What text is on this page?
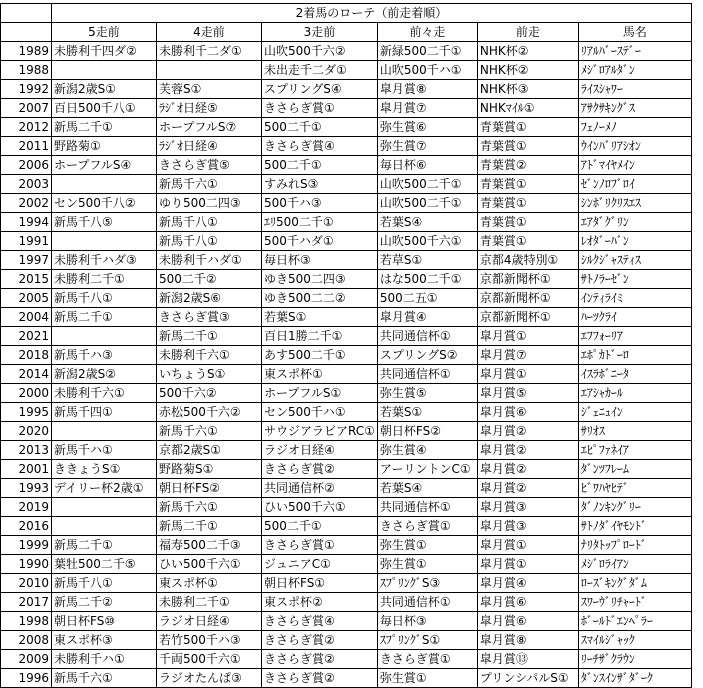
	2着馬のローテ（前走着順）					
	5走前	4走前	3走前	前々走	前走	馬名
1989	未勝利千四ダ②	未勝利千二ダ①	山吹500千六②	新緑500二千①	NHK杯②	ﾘｱﾙﾊﾞｰｽﾃﾞｰ
1988			未出走千二ダ①	山吹500千ハ①	NHK杯②	ﾒｼﾞﾛｱﾙﾀﾞﾝ
1992	新潟2歳S①	芙蓉S①	スプリングS④	皐月賞⑧	NHK杯③	ﾗｲｽｼｬﾜｰ
2007	百日500千八①	ﾗｼﾞｵ日経⑤	きさらぎ賞①	皐月賞⑦	NHKﾏｲﾙ①	ｱｻｸｻｷﾝｸﾞｽ
2012	新馬二千①	ホープフルS⑦	500二千①	弥生賞⑥	青葉賞①	ﾌｪﾉｰﾒﾉ
2011	野路菊①	ﾗｼﾞｵ日経④	きさらぎ賞④	弥生賞⑦	青葉賞①	ｳｲﾝﾊﾞﾘｱｼｵﾝ
2006	ホープフルS④	きさらぎ賞⑤	500二千①	毎日杯⑥	青葉賞②	ｱﾄﾞﾏｲﾔﾒｲﾝ
2003		新馬千六①	すみれS③	山吹500二千①	青葉賞①	ｾﾞﾝﾉﾛﾌﾞﾛｲ
2002	セン500千八②	ゆり500二四③	500千ハ③	山吹500二千①	青葉賞①	ｼﾝﾎﾞﾘｸﾘｽｴｽ
1994	新馬千八⑤	新馬千八①	ｴﾘ500二千①	若葉S④	青葉賞①	ｴｱﾀﾞｸﾞﾘﾝ
1991		新馬千八①	500千ハダ①	山吹500千六①	青葉賞①	ﾚｵﾀﾞｰﾊﾞﾝ
1997	未勝利千ハダ③	未勝利千ハダ①	毎日杯③	若草S①	京都4歳特別①	ｼﾙｸｼﾞｬｽﾃｨｽ
2015	未勝利二千①	500二千②	ゆき500二四③	はな500二千①	京都新聞杯①	ｻﾄﾉﾗｰｾﾞﾝ
2005	新馬千八①	新潟2歳S⑥	ゆき500二二②	500二五①	京都新聞杯①	ｲﾝﾃｨﾗｲﾐ
2004	新馬二千①	きさらぎ賞③	若葉S①	皐月賞④	京都新聞杯①	ﾊｰﾂｸﾗｲ
2021		新馬二千①	百日1勝二千①	共同通信杯①	皐月賞①	ｴﾌﾌｫｰﾘｱ
2018	新馬千ハ③	未勝利千六①	あす500二千①	スプリングS②	皐月賞⑦	ｴﾎﾟｶﾄﾞｰﾛ
2014	新潟2歳S②	いちょうS①	東スポ杯①	共同通信杯①	皐月賞①	ｲｽﾗﾎﾞﾆｰﾀ
2000	未勝利千六①	500千六②	ホープフルS①	弥生賞⑤	皐月賞⑤	ｴｱｼｬｶｰﾙ
1995	新馬千四①	赤松500千六②	セン500千ハ①	若葉S①	皐月賞⑥	ｼﾞｪﾆｭｲﾝ
2020		新馬千六①	サウジアラビアRC①	朝日杯FS②	皐月賞②	ｻﾘｵｽ
2013	新馬千ハ①	京都2歳S①	ラジオ日経④	弥生賞④	皐月賞②	ｴﾋﾟﾌｧﾈｲｱ
2001	ききょうS①	野路菊S①	きさらぎ賞②	アーリントンC①	皐月賞②	ﾀﾞﾝﾂﾌﾚｰﾑ
1993	デイリー杯2歳①	朝日杯FS②	共同通信杯②	若葉S④	皐月賞②	ﾋﾞﾜﾊﾔﾋﾃﾞ
2019		新馬千六①	ひい500千六①	共同通信杯①	皐月賞③	ﾀﾞﾉﾝｷﾝｸﾞﾘｰ
2016		新馬二千①	500二千①	きさらぎ賞①	皐月賞③	ｻﾄﾉﾀﾞｲﾔﾓﾝﾄﾞ
1999	新馬二千①	福寿500二千③	きさらぎ賞①	弥生賞①	皐月賞①	ﾅﾘﾀﾄｯﾌﾟﾛｰﾄﾞ
1990	葉牡500二千⑤	ひい500千六①	ジュニアC①	弥生賞①	皐月賞①	ﾒｼﾞﾛﾗｲｱﾝ
2010	新馬千八①	東スポ杯①	朝日杯FS①	ｽﾌﾟﾘﾝｸﾞS③	皐月賞④	ﾛｰｽﾞｷﾝｸﾞﾀﾞﾑ
2017	新馬二千②	未勝利二千①	東スポ杯②	共同通信杯①	皐月賞⑥	ｽﾜｰｳﾞﾘﾁｬｰﾄﾞ
1998	朝日杯FS⑩	ラジオ日経④	きさらぎ賞④	毎日杯③	皐月賞⑥	ﾎﾞｰﾙﾄﾞｴﾝﾍﾟﾗｰ
2008	東スポ杯③	若竹500千ハ③	きさらぎ賞②	ｽﾌﾟﾘﾝｸﾞS①	皐月賞⑧	ｽﾏｲﾙｼﾞｬｯｸ
2009	未勝利千ハ①	千両500千六①	きさらぎ賞②	きさらぎ賞①	皐月賞⑬	ﾘｰﾁｻﾞｸﾗｳﾝ
1996	新馬千六①	ラジオたんぱ③	きさらぎ賞②	弥生賞①	プリンシパルS①	ﾀﾞﾝｽｲﾝｻﾞﾀﾞｰｸ
